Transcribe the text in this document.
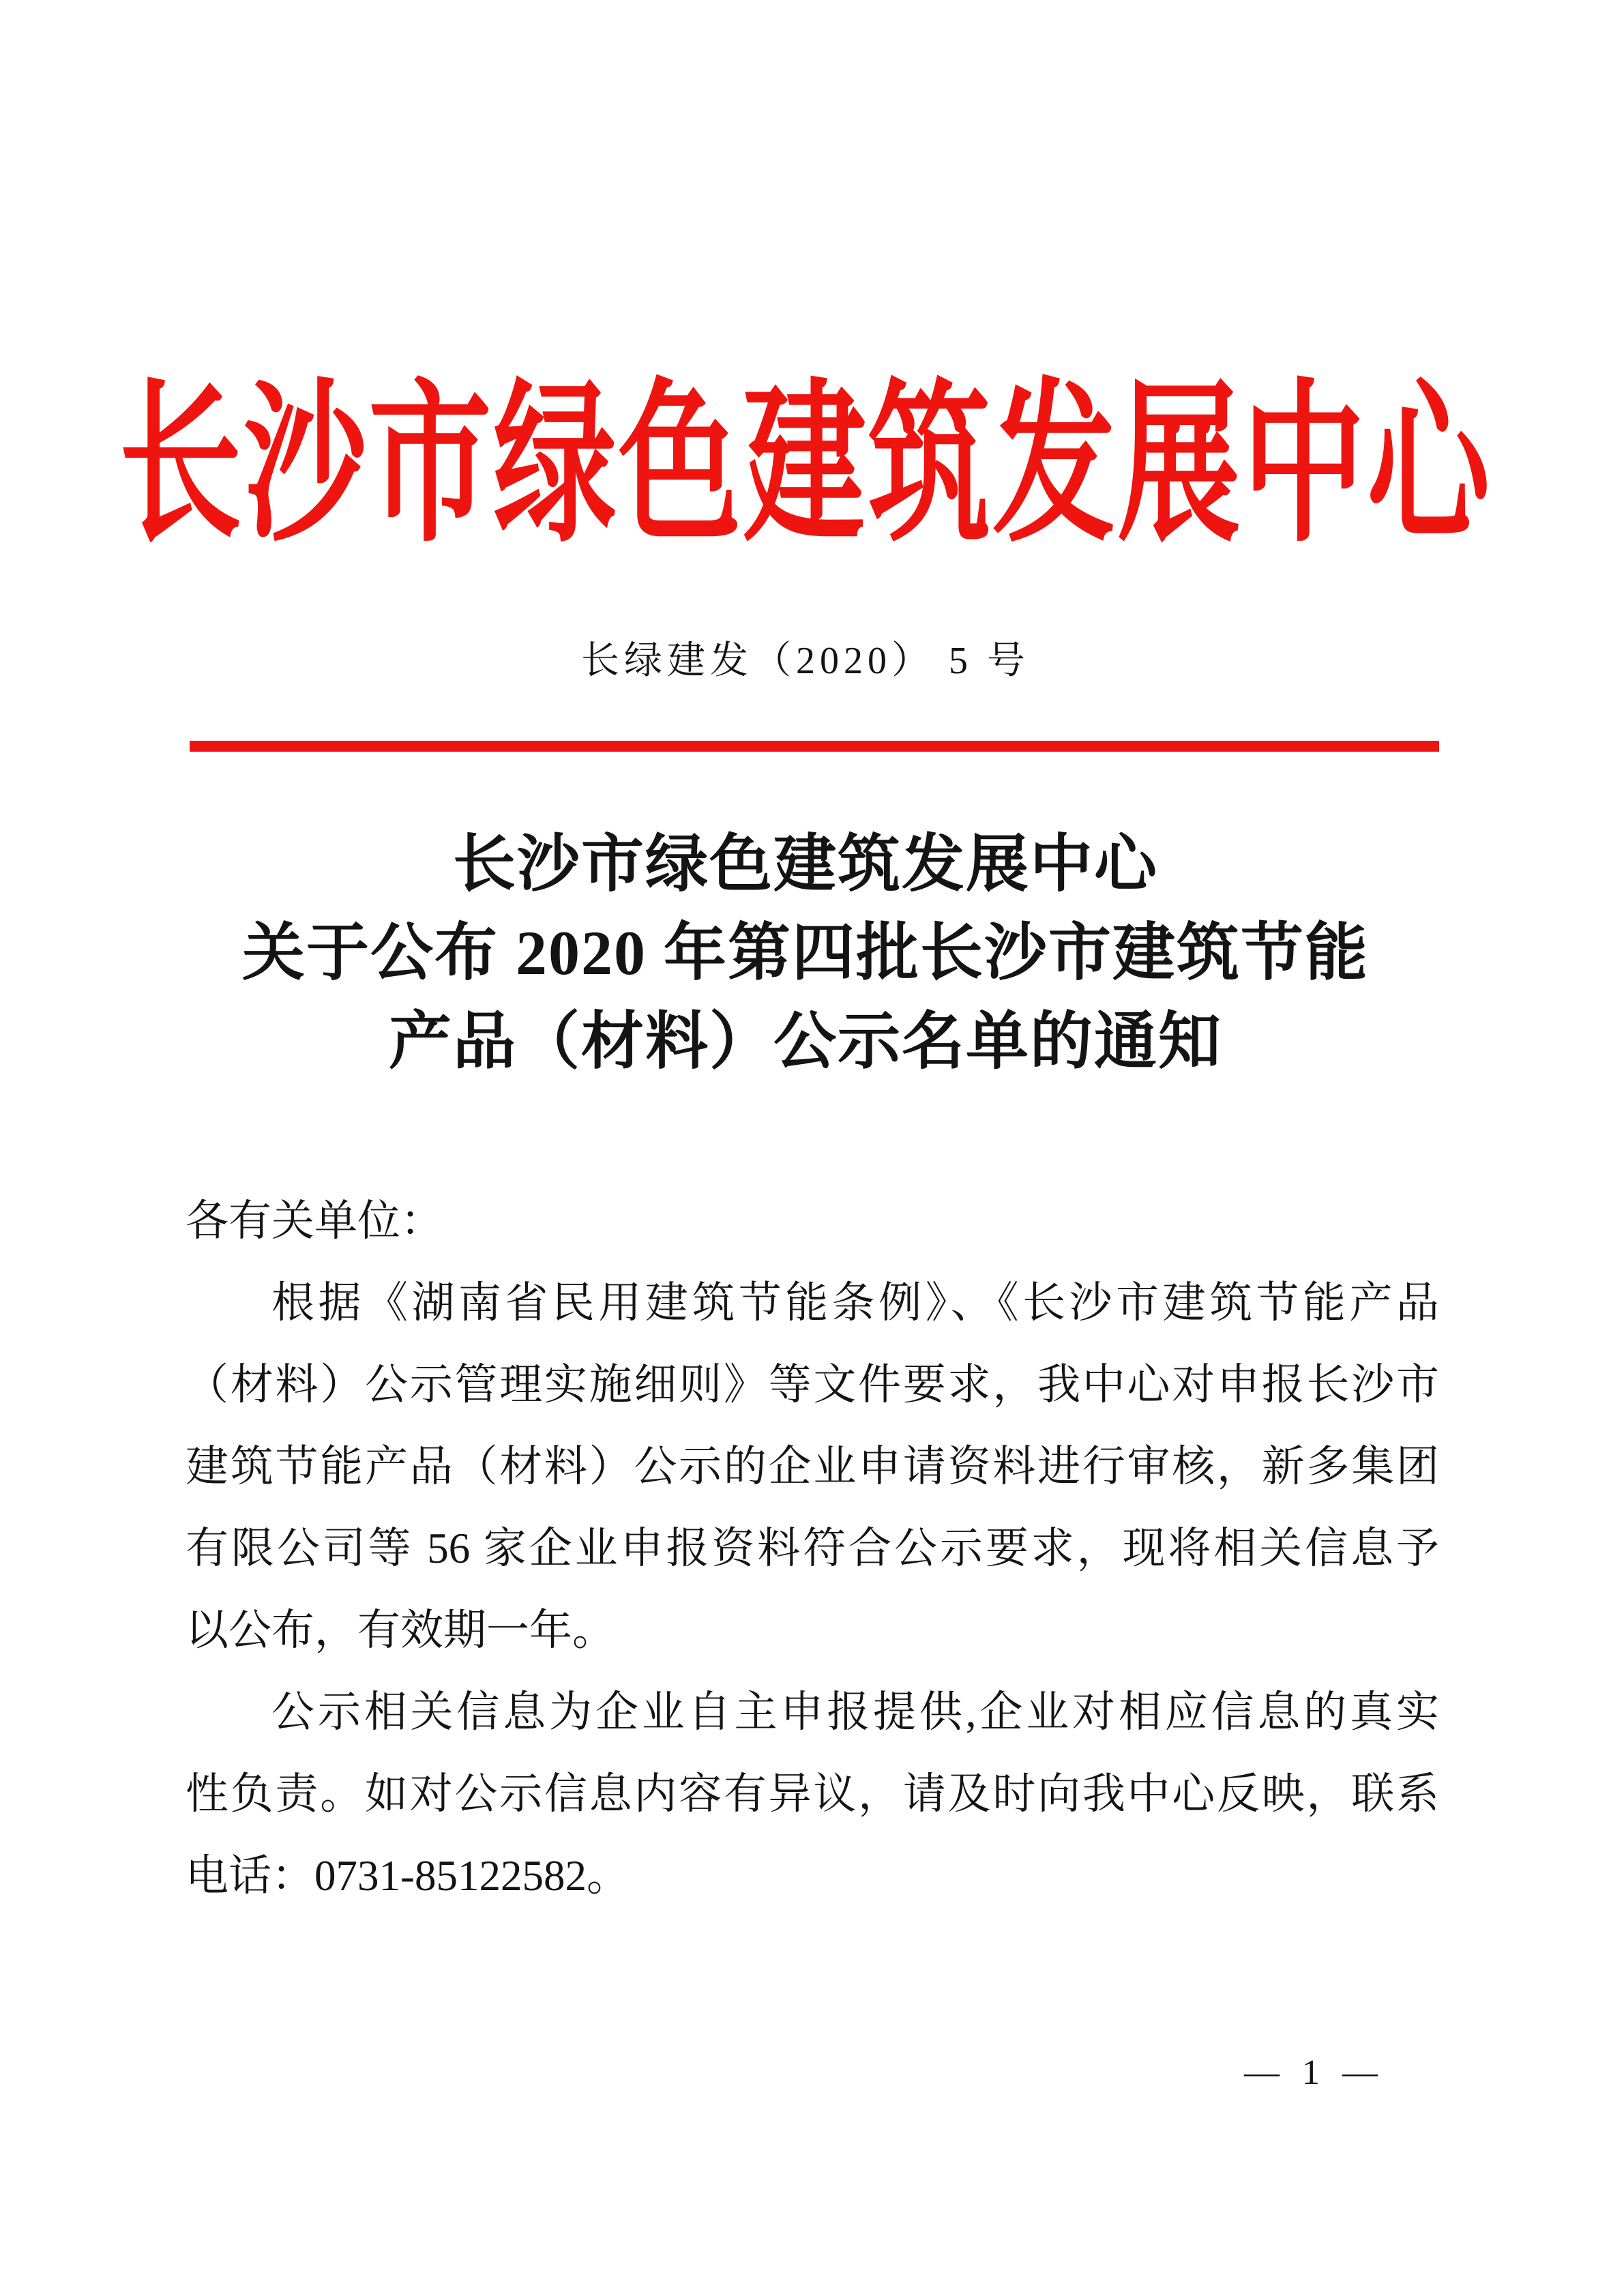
长沙市绿色建筑发展中心
长绿建发（2020） 5 号
长沙市绿色建筑发展中心
关于公布 2020 年第四批长沙市建筑节能
产品（材料）公示名单的通知
各有关单位：
根据《湖南省民用建筑节能条例》、《长沙市建筑节能产品
（材料）公示管理实施细则》等文件要求，我中心对申报长沙市
建筑节能产品（材料）公示的企业申请资料进行审核，新多集团
有限公司等 56 家企业申报资料符合公示要求，现将相关信息予
以公布，有效期一年。
公示相关信息为企业自主申报提供,企业对相应信息的真实
性负责。如对公示信息内容有异议，请及时向我中心反映，联系
电话：0731-85122582。
— 1 —
